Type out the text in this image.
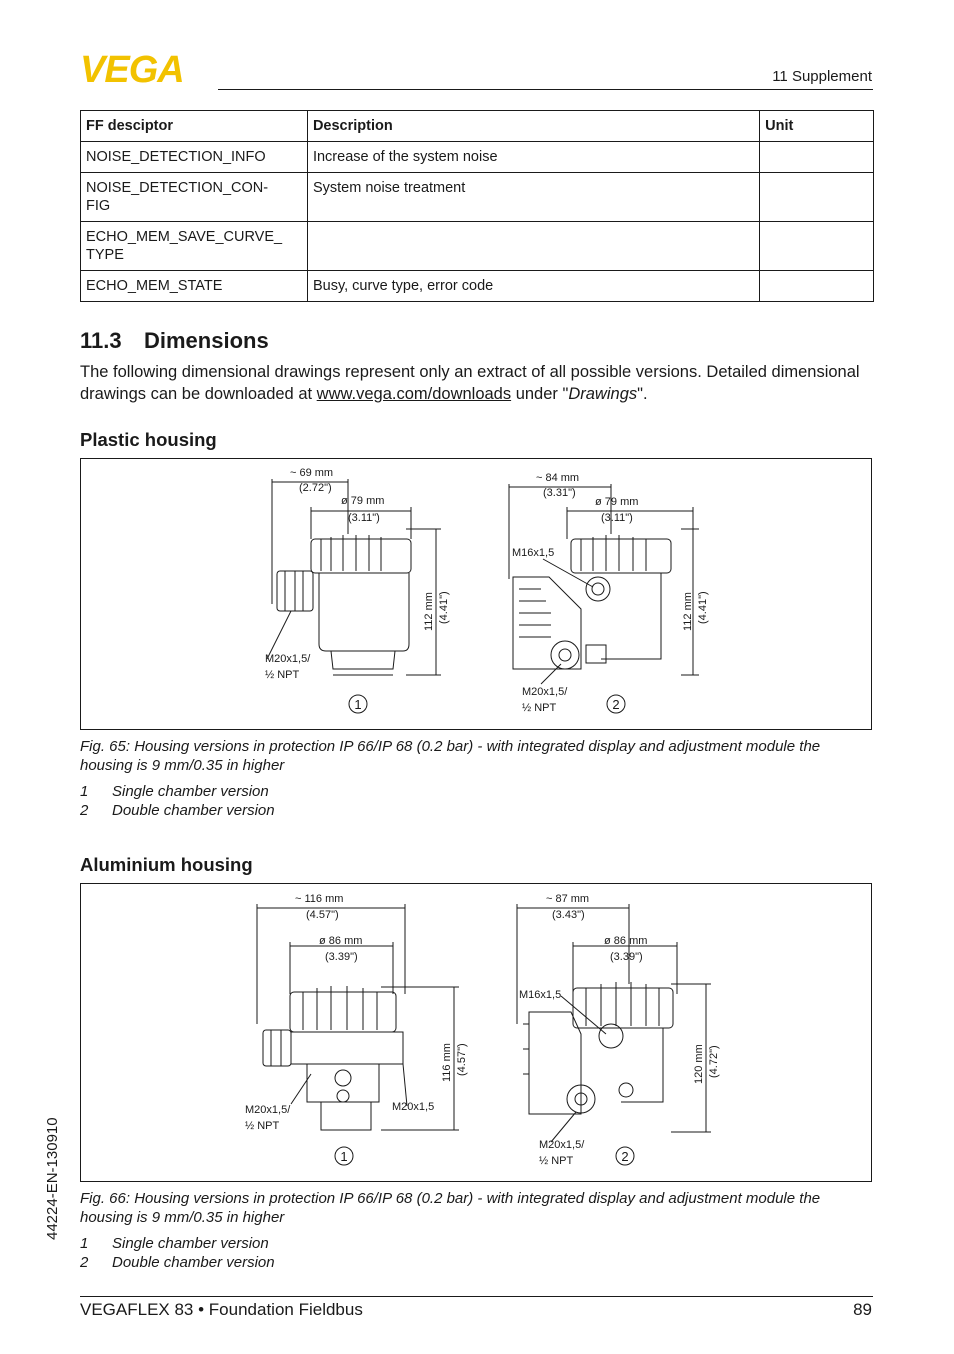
VEGA	11 Supplement
FF desciptor	Description	Unit
NOISE_DETECTION_INFO	Increase of the system noise	
NOISE_DETECTION_CON-
FIG	System noise treatment	
ECHO_MEM_SAVE_CURVE_
TYPE		
ECHO_MEM_STATE	Busy, curve type, error code	
11.3 Dimensions
The following dimensional drawings represent only an extract of all possible versions. Detailed dimensional drawings can be downloaded at www.vega.com/downloads under "Drawings".
Plastic housing
~ 69 mm
(2.72")
ø 79 mm
(3.11")
M20x1,5/
½ NPT
112 mm (4.41")
~ 84 mm
(3.31")
ø 79 mm
(3.11")
M16x1,5
M20x1,5/
½ NPT
112 mm (4.41")
1	2
Fig. 65: Housing versions in protection IP 66/IP 68 (0.2 bar) - with integrated display and adjustment module the housing is 9 mm/0.35 in higher
1 Single chamber version
2 Double chamber version
Aluminium housing
~ 116 mm
(4.57")
ø 86 mm
(3.39")
M20x1,5/
½ NPT
M20x1,5
116 mm (4.57")
~ 87 mm
(3.43")
ø 86 mm
(3.39")
M16x1,5
M20x1,5/
½ NPT
120 mm (4.72")
1	2
Fig. 66: Housing versions in protection IP 66/IP 68 (0.2 bar) - with integrated display and adjustment module the housing is 9 mm/0.35 in higher
1 Single chamber version
2 Double chamber version
44224-EN-130910
VEGAFLEX 83 • Foundation Fieldbus	89
